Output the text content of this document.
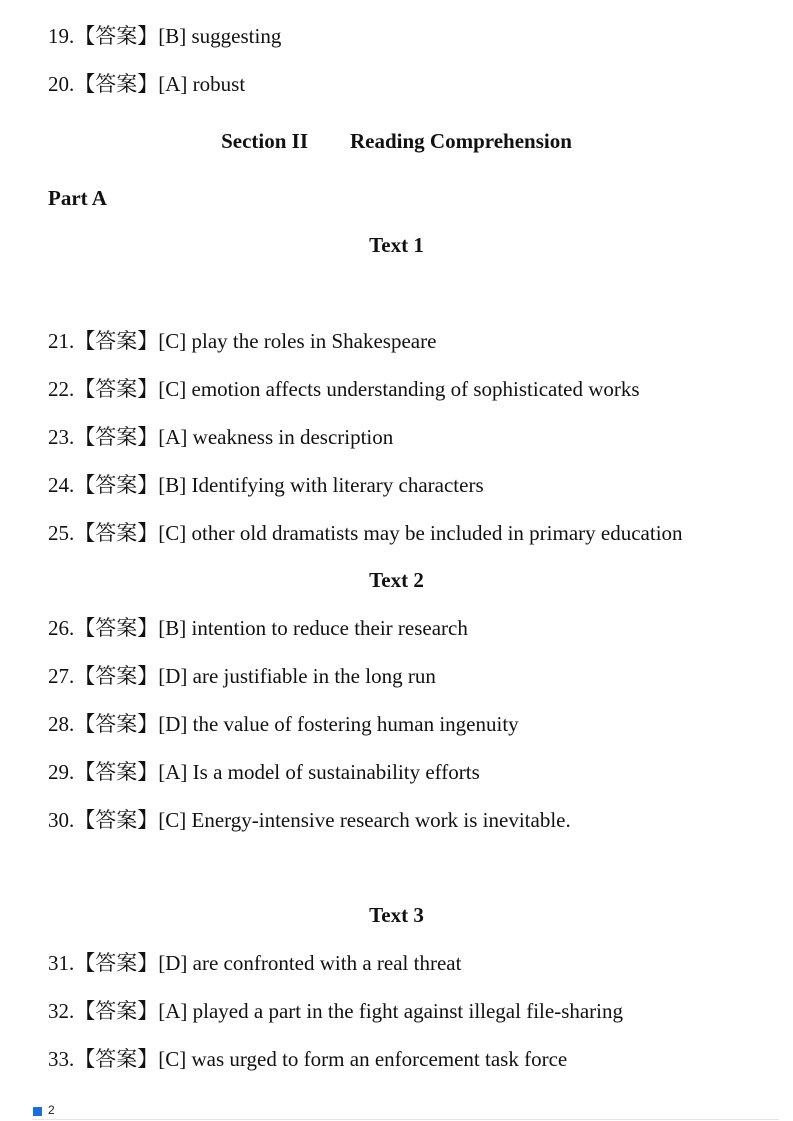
19.【答案】[B] suggesting
20.【答案】[A] robust
Section II  Reading Comprehension
Part A
Text 1
21.【答案】[C] play the roles in Shakespeare
22.【答案】[C] emotion affects understanding of sophisticated works
23.【答案】[A] weakness in description
24.【答案】[B] Identifying with literary characters
25.【答案】[C] other old dramatists may be included in primary education
Text 2
26.【答案】[B] intention to reduce their research
27.【答案】[D] are justifiable in the long run
28.【答案】[D] the value of fostering human ingenuity
29.【答案】[A] Is a model of sustainability efforts
30.【答案】[C] Energy-intensive research work is inevitable.
Text 3
31.【答案】[D] are confronted with a real threat
32.【答案】[A] played a part in the fight against illegal file-sharing
33.【答案】[C] was urged to form an enforcement task force
2
